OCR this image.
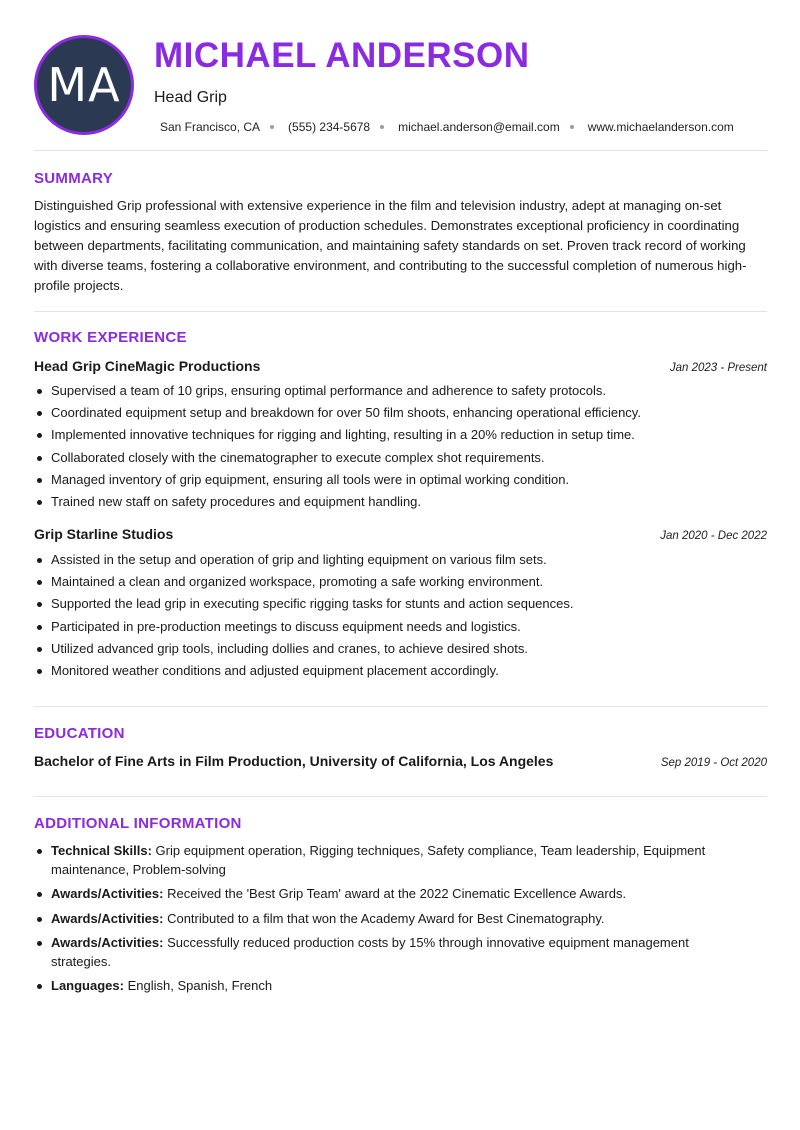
MA
MICHAEL ANDERSON
Head Grip
San Francisco, CA (555) 234-5678 michael.anderson@email.com www.michaelanderson.com
SUMMARY
Distinguished Grip professional with extensive experience in the film and television industry, adept at managing on-set logistics and ensuring seamless execution of production schedules. Demonstrates exceptional proficiency in coordinating between departments, facilitating communication, and maintaining safety standards on set. Proven track record of working with diverse teams, fostering a collaborative environment, and contributing to the successful completion of numerous high-profile projects.
WORK EXPERIENCE
Head Grip CineMagic Productions	Jan 2023 - Present
Supervised a team of 10 grips, ensuring optimal performance and adherence to safety protocols.
Coordinated equipment setup and breakdown for over 50 film shoots, enhancing operational efficiency.
Implemented innovative techniques for rigging and lighting, resulting in a 20% reduction in setup time.
Collaborated closely with the cinematographer to execute complex shot requirements.
Managed inventory of grip equipment, ensuring all tools were in optimal working condition.
Trained new staff on safety procedures and equipment handling.
Grip Starline Studios	Jan 2020 - Dec 2022
Assisted in the setup and operation of grip and lighting equipment on various film sets.
Maintained a clean and organized workspace, promoting a safe working environment.
Supported the lead grip in executing specific rigging tasks for stunts and action sequences.
Participated in pre-production meetings to discuss equipment needs and logistics.
Utilized advanced grip tools, including dollies and cranes, to achieve desired shots.
Monitored weather conditions and adjusted equipment placement accordingly.
EDUCATION
Bachelor of Fine Arts in Film Production, University of California, Los Angeles	Sep 2019 - Oct 2020
ADDITIONAL INFORMATION
Technical Skills: Grip equipment operation, Rigging techniques, Safety compliance, Team leadership, Equipment maintenance, Problem-solving
Awards/Activities: Received the 'Best Grip Team' award at the 2022 Cinematic Excellence Awards.
Awards/Activities: Contributed to a film that won the Academy Award for Best Cinematography.
Awards/Activities: Successfully reduced production costs by 15% through innovative equipment management strategies.
Languages: English, Spanish, French
